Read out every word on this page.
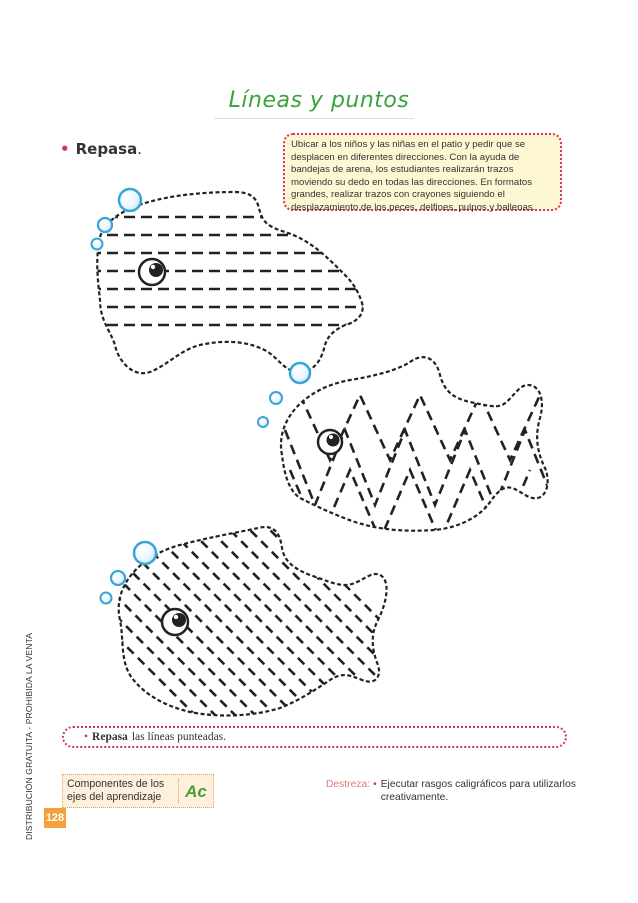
Líneas y puntos
• Repasa.	Ubicar a los niños y las niñas en el patio y pedir que se desplacen en diferentes direcciones. Con la ayuda de bandejas de arena, los estudiantes realizarán trazos moviendo su dedo en todas las direcciones. En formatos grandes, realizar trazos con crayones siguiendo el desplazamiento de los peces, delfines, pulpos y ballenas.
• Repasa las líneas punteadas.
Componentes de los ejes del aprendizaje	Ac	Destreza: • Ejecutar rasgos caligráficos para utilizarlos creativamente.
DISTRIBUCIÓN GRATUITA - PROHIBIDA LA VENTA 128
